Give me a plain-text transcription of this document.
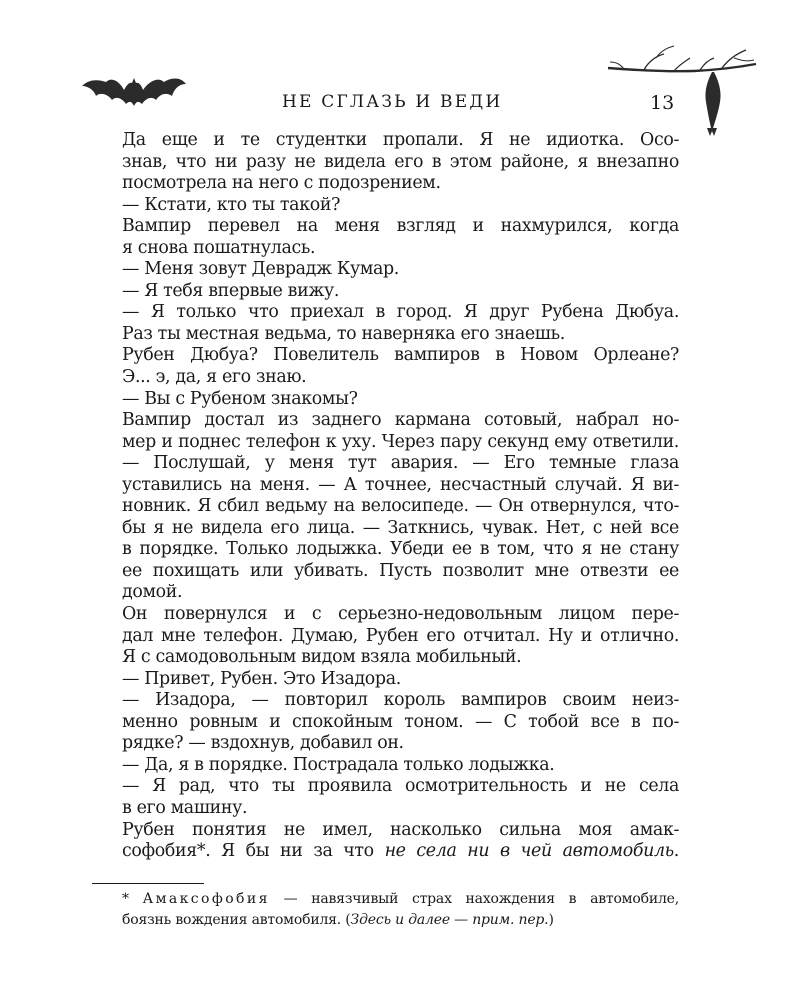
НЕ СГЛАЗЬ И ВЕДИ	13
Да еще и те студентки пропали. Я не идиотка. Осо-
знав, что ни разу не видела его в этом районе, я внезапно
посмотрела на него с подозрением.
— Кстати, кто ты такой?
Вампир перевел на меня взгляд и нахмурился, когда
я снова пошатнулась.
— Меня зовут Деврадж Кумар.
— Я тебя впервые вижу.
— Я только что приехал в город. Я друг Рубена Дюбуа.
Раз ты местная ведьма, то наверняка его знаешь.
Рубен Дюбуа? Повелитель вампиров в Новом Орлеане?
Э... э, да, я его знаю.
— Вы с Рубеном знакомы?
Вампир достал из заднего кармана сотовый, набрал но-
мер и поднес телефон к уху. Через пару секунд ему ответили.
— Послушай, у меня тут авария. — Его темные глаза
уставились на меня. — А точнее, несчастный случай. Я ви-
новник. Я сбил ведьму на велосипеде. — Он отвернулся, что-
бы я не видела его лица. — Заткнись, чувак. Нет, с ней все
в порядке. Только лодыжка. Убеди ее в том, что я не стану
ее похищать или убивать. Пусть позволит мне отвезти ее
домой.
Он повернулся и с серьезно-недовольным лицом пере-
дал мне телефон. Думаю, Рубен его отчитал. Ну и отлично.
Я с самодовольным видом взяла мобильный.
— Привет, Рубен. Это Изадора.
— Изадора, — повторил король вампиров своим неиз-
менно ровным и спокойным тоном. — С тобой все в по-
рядке? — вздохнув, добавил он.
— Да, я в порядке. Пострадала только лодыжка.
— Я рад, что ты проявила осмотрительность и не села
в его машину.
Рубен понятия не имел, насколько сильна моя амак-
софобия*. Я бы ни за что не села ни в чей автомобиль.
* Амаксофобия — навязчивый страх нахождения в автомобиле,
боязнь вождения автомобиля. (Здесь и далее — прим. пер.)
